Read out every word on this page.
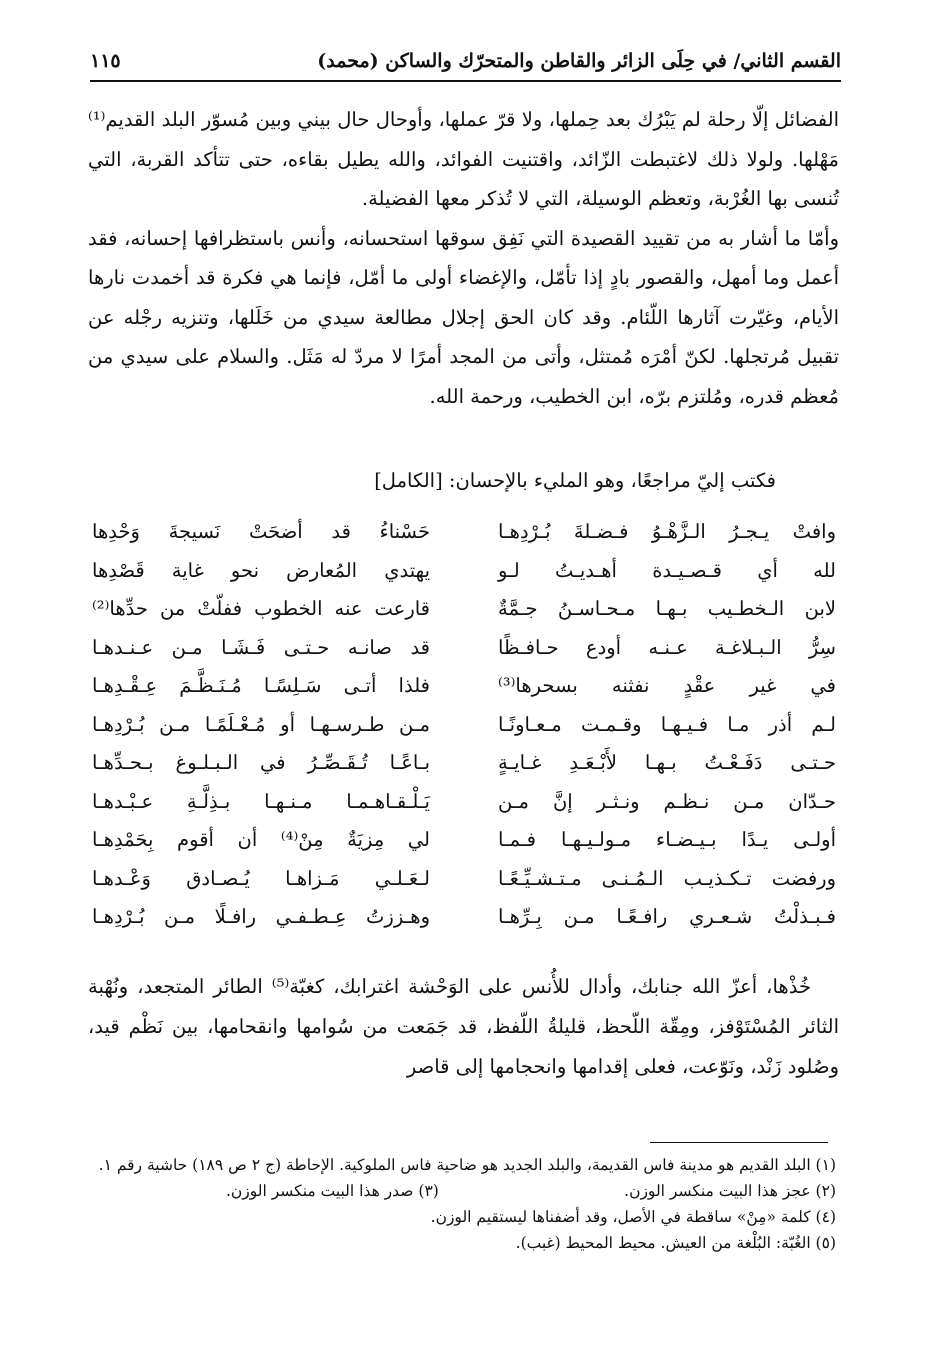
القسم الثاني/ في حِلَى الزائر والقاطن والمتحرّك والساكن (محمد)
١١٥

الفضائل إلّا رحلة لم يَبْرُك بعد حِملها، ولا قرّ عملها، وأوحال حال بيني وبين مُسوّر البلد القديم⁽¹⁾ مَهْلها. ولولا ذلك لاغتبطت الزّائد، واقتنيت الفوائد، والله يطيل بقاءه، حتى تتأكد القربة، التي تُنسى بها الغُرْبة، وتعظم الوسيلة، التي لا تُذكر معها الفضيلة.

وأمّا ما أشار به من تقييد القصيدة التي نَفِق سوقها استحسانه، وأنس باستظرافها إحسانه، فقد أعمل وما أمهل، والقصور بادٍ إذا تأمّل، والإغضاء أولى ما أمّل، فإنما هي فكرة قد أخمدت نارها الأيام، وغيّرت آثارها اللّئام. وقد كان الحق إجلال مطالعة سيدي من خَلَلها، وتنزيه رجْله عن تقبيل مُرتجلها. لكنّ أمْرَه مُمتثل، وأتى من المجد أمرًا لا مردّ له مَثَل. والسلام على سيدي من مُعظم قدره، ومُلتزم برّه، ابن الخطيب، ورحمة الله.

فكتب إليّ مراجعًا، وهو المليء بالإحسان: [الكامل]
وافتْ يـجـرُ الـزَّهْـوُ فـضـلةَ بُـرْدِهـا
حَسْناءُ قد أضحَتْ نَسيجةَ وَحْدِها
لله أي قـصـيـدة أهـديـتُ لـو
يهتدي المُعارض نحو غاية قَصْدِها
لابن الـخطـيب بـهـا مـحـاسـنُ جـمَّةٌ
قارعت عنه الخطوب ففلّتْ من حدِّها⁽²⁾
سِرُّ الـبـلاغـة عـنـه أودع حـافـظًا
قد صانـه حـتـى فَـشَـا مـن عـنـدهـا
في غير عقْدٍ نفثنه بسحرها⁽³⁾
فلذا أتـى سَـلِسًـا مُـنَـظَّـمَ عِـقْـدِهـا
لـم أذر مـا فـيـهـا وقـمـت مـعـاونًـا
مـن طـرسـهـا أو مُـعْـلَمًـا مـن بُـرْدِهـا
حـتـى دَفَـعْـتُ بـهـا لأَبْـعَـدِ غـايـةٍ
بـاعًـا تُـقَـصِّـرُ في الـبـلـوغ بـحـدِّهـا
حـدّان مـن نـظـم ونـثـر إنَّ مـن
يَـلْـقـاهـمـا مـنـهـا بـذِلَّـةِ عـبْـدهـا
أولـى يـدًا بـيـضـاء مـولـيـهـا فـمـا
لي مِزيَةٌ مِنْ⁽⁴⁾ أن أقوم بِحَمْدِهـا
ورفضت تـكـذيـب الـمُـنـى مـتـشـيِّـعًـا
لـعَـلـي مَـزاهـا يُـصـادق وَعْـدهـا
فـبـذلْتُ شـعـري رافـعًـا مـن بِـرِّهـا
وهـززتُ عِـطـفـي رافـلًا مـن بُـرْدِهـا

خُذْها، أعزّ الله جنابك، وأدال للأُنس على الوَحْشة اغترابك، كغبّة⁽⁵⁾ الطائر المتجعد، ونُهْبة الثائر المُسْتَوْفز، ومِقّة اللّحظ، قليلةُ اللّفظ، قد جَمَعت من سُوامها وانقحامها، بين نَظْم قيد، وصُلود زَنْد، ونَوّعت، فعلى إقدامها وانحجامها إلى قاصر

(١) البلد القديم هو مدينة فاس القديمة، والبلد الجديد هو ضاحية فاس الملوكية. الإحاطة (ج ٢ ص ١٨٩) حاشية رقم ١.

(٢) عجز هذا البيت منكسر الوزن.

(٣) صدر هذا البيت منكسر الوزن.

(٤) كلمة «مِنْ» ساقطة في الأصل، وقد أضفناها ليستقيم الوزن.

(٥) الغُبّة: البُلْغة من العيش. محيط المحيط (غبب).
